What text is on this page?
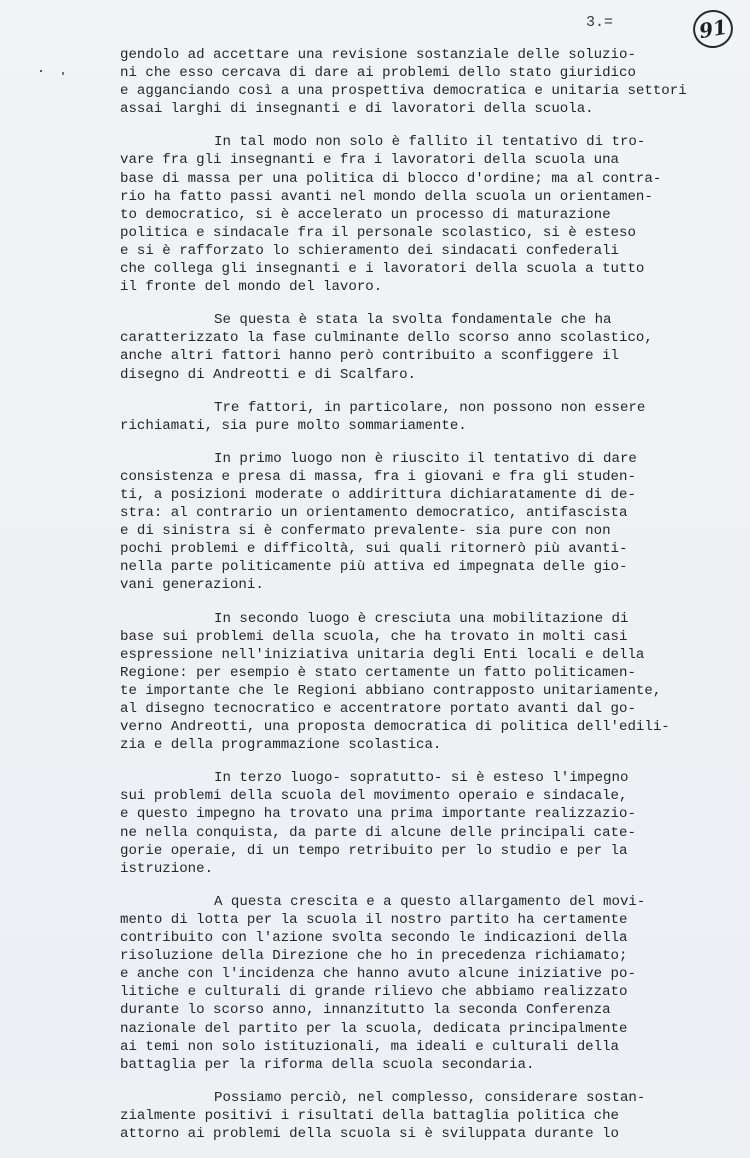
3.=	91
gendolo ad accettare una revisione sostanziale delle soluzio-
ni che esso cercava di dare ai problemi dello stato giuridico
e agganciando così a una prospettiva democratica e unitaria settori
assai larghi di insegnanti e di lavoratori della scuola.
In tal modo non solo è fallito il tentativo di tro-
vare fra gli insegnanti e fra i lavoratori della scuola una
base di massa per una politica di blocco d'ordine; ma al contra-
rio ha fatto passi avanti nel mondo della scuola un orientamen-
to democratico, si è accelerato un processo di maturazione
politica e sindacale fra il personale scolastico, si è esteso
e si è rafforzato lo schieramento dei sindacati confederali
che collega gli insegnanti e i lavoratori della scuola a tutto
il fronte del mondo del lavoro.
Se questa è stata la svolta fondamentale che ha
caratterizzato la fase culminante dello scorso anno scolastico,
anche altri fattori hanno però contribuito a sconfiggere il
disegno di Andreotti e di Scalfaro.
Tre fattori, in particolare, non possono non essere
richiamati, sia pure molto sommariamente.
In primo luogo non è riuscito il tentativo di dare
consistenza e presa di massa, fra i giovani e fra gli studen-
ti, a posizioni moderate o addirittura dichiaratamente di de-
stra: al contrario un orientamento democratico, antifascista
e di sinistra si è confermato prevalente- sia pure con non
pochi problemi e difficoltà, sui quali ritornerò più avanti-
nella parte politicamente più attiva ed impegnata delle gio-
vani generazioni.
In secondo luogo è cresciuta una mobilitazione di
base sui problemi della scuola, che ha trovato in molti casi
espressione nell'iniziativa unitaria degli Enti locali e della
Regione: per esempio è stato certamente un fatto politicamen-
te importante che le Regioni abbiano contrapposto unitariamente,
al disegno tecnocratico e accentratore portato avanti dal go-
verno Andreotti, una proposta democratica di politica dell'edili-
zia e della programmazione scolastica.
In terzo luogo- sopratutto- si è esteso l'impegno
sui problemi della scuola del movimento operaio e sindacale,
e questo impegno ha trovato una prima importante realizzazio-
ne nella conquista, da parte di alcune delle principali cate-
gorie operaie, di un tempo retribuito per lo studio e per la
istruzione.
A questa crescita e a questo allargamento del movi-
mento di lotta per la scuola il nostro partito ha certamente
contribuito con l'azione svolta secondo le indicazioni della
risoluzione della Direzione che ho in precedenza richiamato;
e anche con l'incidenza che hanno avuto alcune iniziative po-
litiche e culturali di grande rilievo che abbiamo realizzato
durante lo scorso anno, innanzitutto la seconda Conferenza
nazionale del partito per la scuola, dedicata principalmente
ai temi non solo istituzionali, ma ideali e culturali della
battaglia per la riforma della scuola secondaria.
Possiamo perciò, nel complesso, considerare sostan-
zialmente positivi i risultati della battaglia politica che
attorno ai problemi della scuola si è sviluppata durante lo
